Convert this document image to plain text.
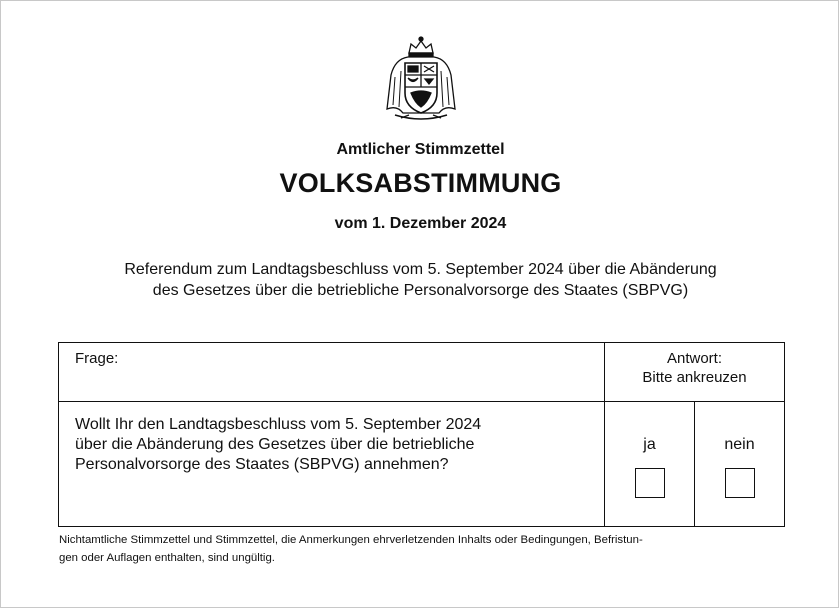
Amtlicher Stimmzettel
VOLKSABSTIMMUNG
vom 1. Dezember 2024
Referendum zum Landtagsbeschluss vom 5. September 2024 über die Abänderung
des Gesetzes über die betriebliche Personalvorsorge des Staates (SBPVG)
Frage:	Antwort:
Bitte ankreuzen	

Wollt Ihr den Landtagsbeschluss vom 5. September 2024
über die Abänderung des Gesetzes über die betriebliche
Personalvorsorge des Staates (SBPVG) annehmen?	ja	nein
Nichtamtliche Stimmzettel und Stimmzettel, die Anmerkungen ehrverletzenden Inhalts oder Bedingungen, Befristun-
gen oder Auflagen enthalten, sind ungültig.
